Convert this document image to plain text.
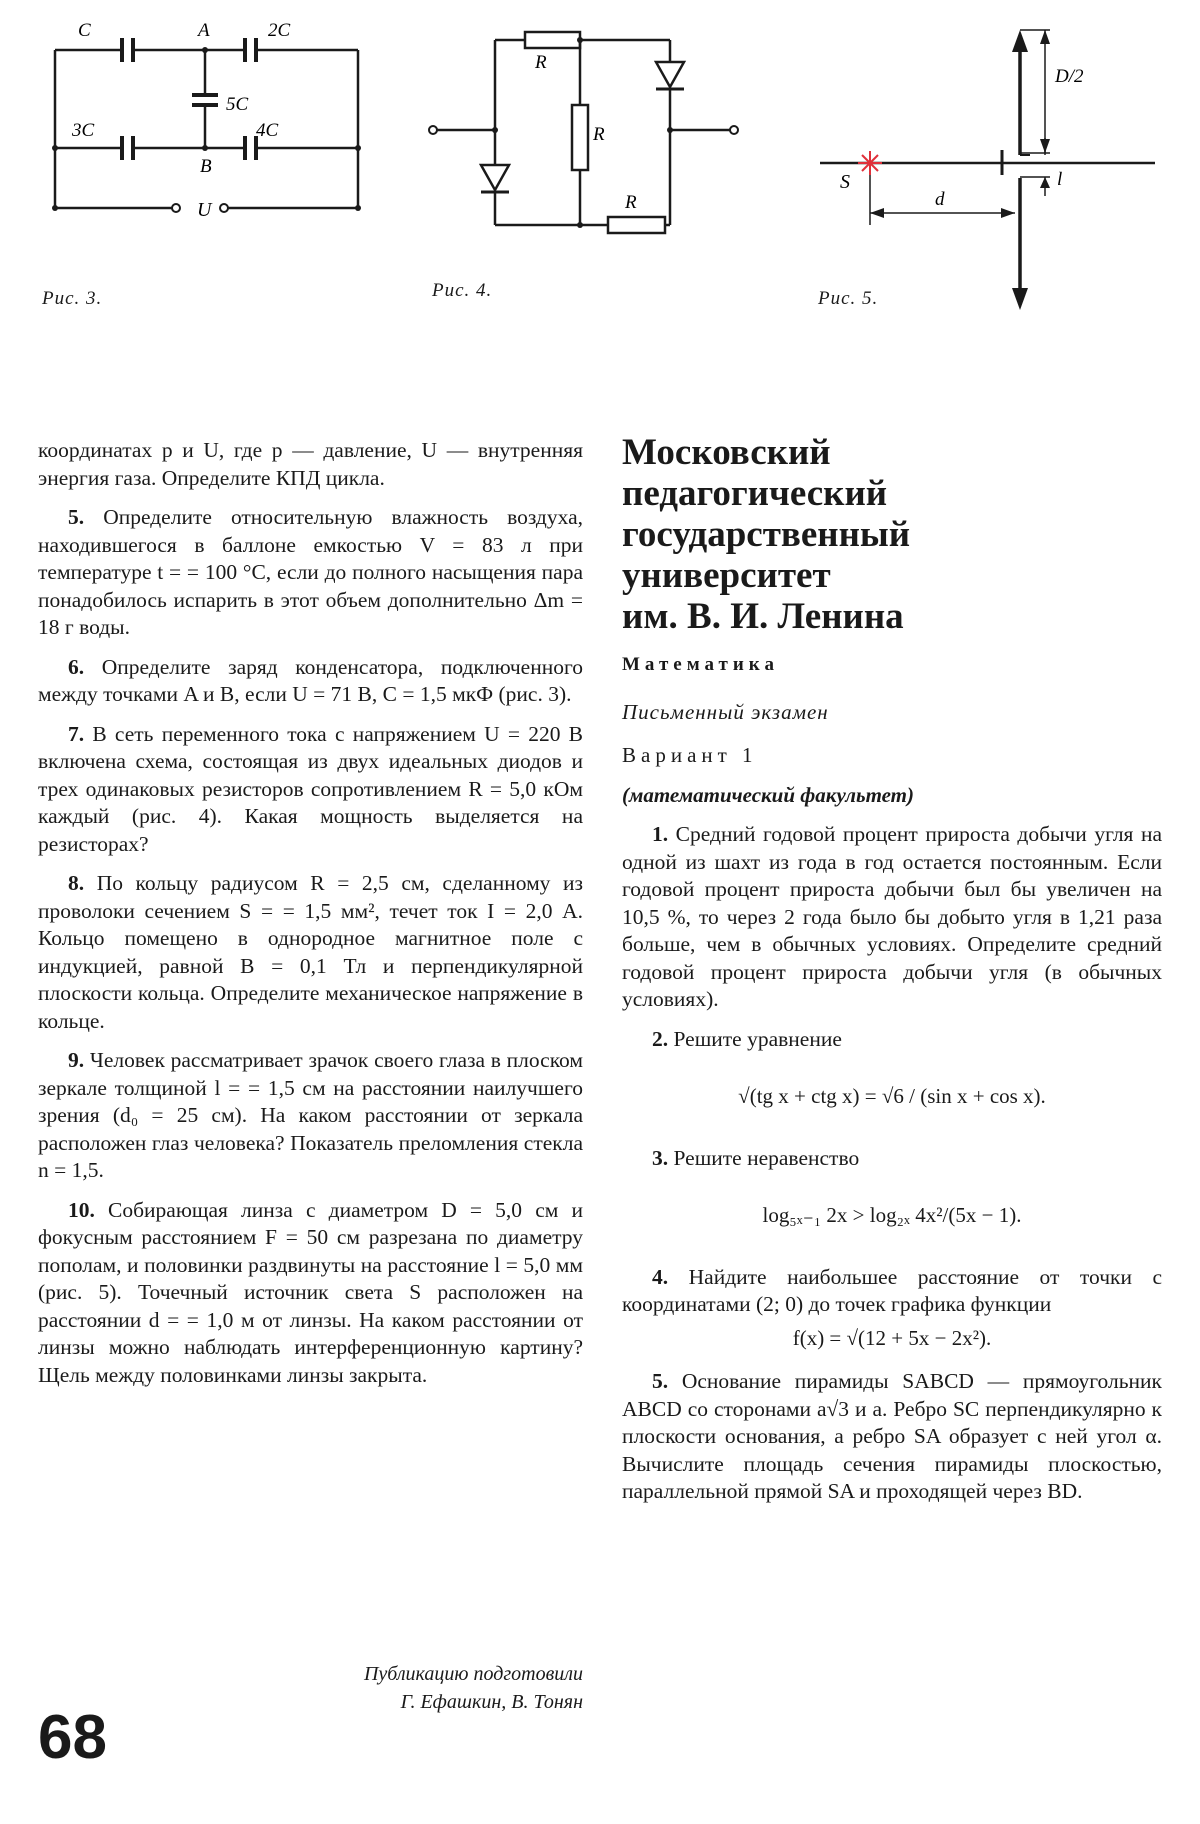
C	A	2C
5C
3C	4C
B
U
Рис. 3.
R
R
R
Рис. 4.
D/2
S	l
d
Рис. 5.

координатах p и U, где p — давление, U — внутренняя энергия газа. Определите КПД цикла.

5. Определите относительную влажность воздуха, находившегося в баллоне емкостью V = 83 л при температуре t = = 100 °С, если до полного насыщения пара понадобилось испарить в этот объем дополнительно Δm = 18 г воды.

6. Определите заряд конденсатора, подключенного между точками A и B, если U = 71 В, C = 1,5 мкФ (рис. 3).

7. В сеть переменного тока с напряжением U = 220 В включена схема, состоящая из двух идеальных диодов и трех одинаковых резисторов сопротивлением R = 5,0 кОм каждый (рис. 4). Какая мощность выделяется на резисторах?

8. По кольцу радиусом R = 2,5 см, сделанному из проволоки сечением S = = 1,5 мм², течет ток I = 2,0 А. Кольцо помещено в однородное магнитное поле с индукцией, равной B = 0,1 Тл и перпендикулярной плоскости кольца. Определите механическое напряжение в кольце.

9. Человек рассматривает зрачок своего глаза в плоском зеркале толщиной l = = 1,5 см на расстоянии наилучшего зрения (d₀ = 25 см). На каком расстоянии от зеркала расположен глаз человека? Показатель преломления стекла n = 1,5.

10. Собирающая линза с диаметром D = 5,0 см и фокусным расстоянием F = 50 см разрезана по диаметру пополам, и половинки раздвинуты на расстояние l = 5,0 мм (рис. 5). Точечный источник света S расположен на расстоянии d = = 1,0 м от линзы. На каком расстоянии от линзы можно наблюдать интерференционную картину? Щель между половинками линзы закрыта.

Публикацию подготовили
Г. Ефашкин, В. Тонян
Московский
педагогический
государственный
университет
им. В. И. Ленина
Математика
Письменный экзамен
Вариант 1
(математический факультет)

1. Средний годовой процент прироста добычи угля на одной из шахт из года в год остается постоянным. Если годовой процент прироста добычи был бы увеличен на 10,5 %, то через 2 года было бы добыто угля в 1,21 раза больше, чем в обычных условиях. Определите средний годовой процент прироста добычи угля (в обычных условиях).

2. Решите уравнение

√(tg x + ctg x) = √6 / (sin x + cos x).

3. Решите неравенство

log₅ₓ₋₁ 2x > log₂ₓ 4x²/(5x − 1).

4. Найдите наибольшее расстояние от точки с координатами (2; 0) до точек графика функции

f(x) = √(12 + 5x − 2x²).

5. Основание пирамиды SABCD — прямоугольник ABCD со сторонами a√3 и a. Ребро SC перпендикулярно к плоскости основания, а ребро SA образует с ней угол α. Вычислите площадь сечения пирамиды плоскостью, параллельной прямой SA и проходящей через BD.

68
